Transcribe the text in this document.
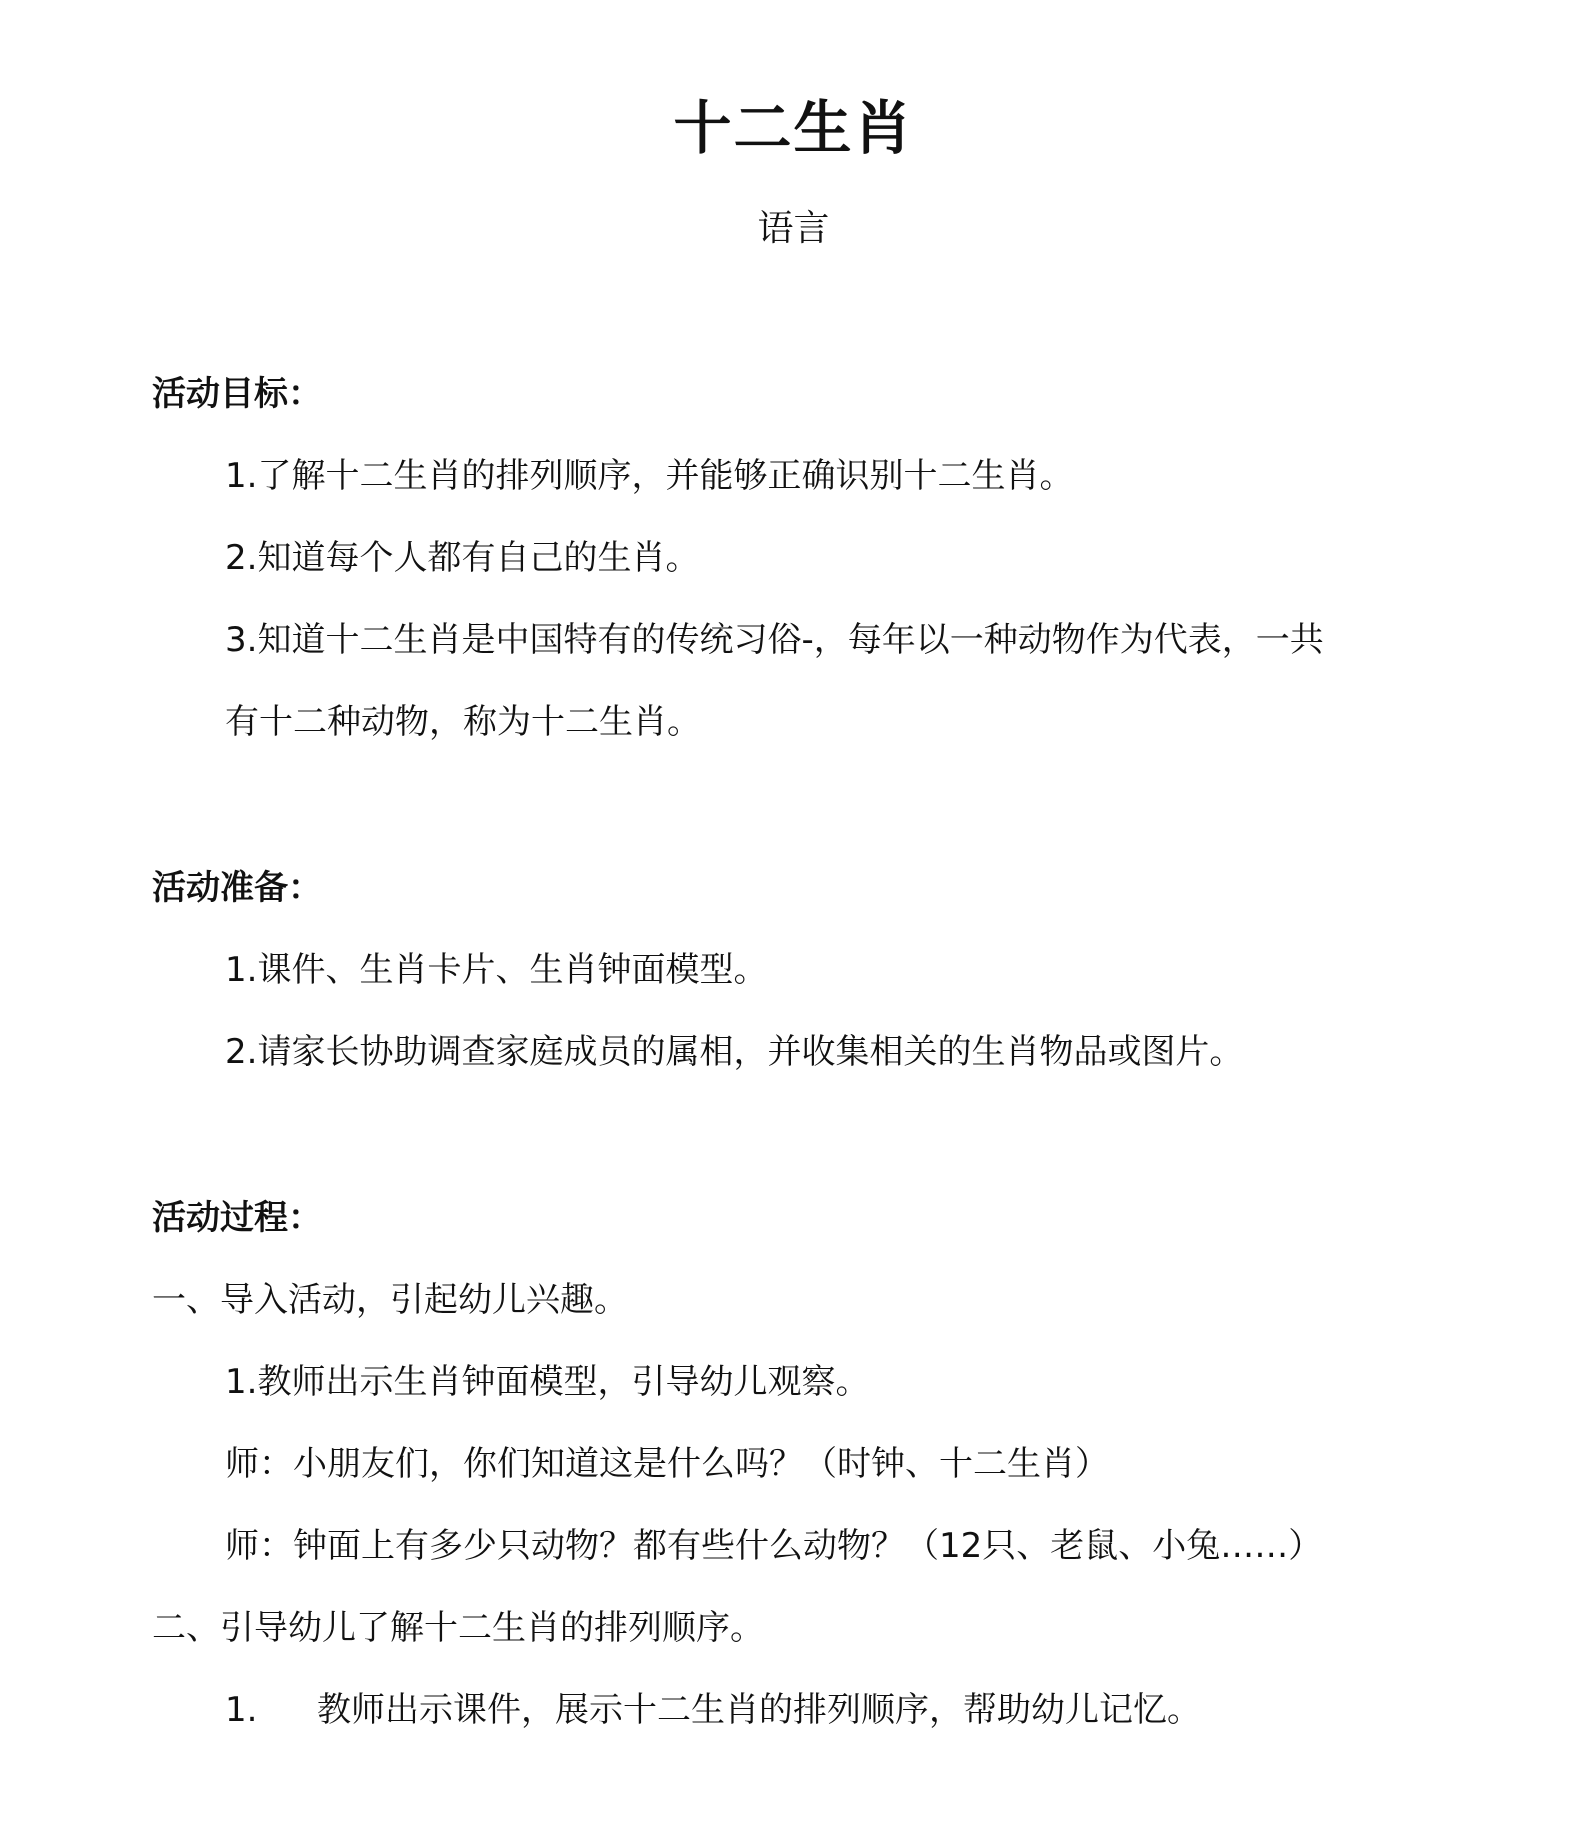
十二生肖
语言
活动目标：
1.了解十二生肖的排列顺序，并能够正确识别十二生肖。
2.知道每个人都有自己的生肖。
3.知道十二生肖是中国特有的传统习俗-，每年以一种动物作为代表，一共
有十二种动物，称为十二生肖。
活动准备：
1.课件、生肖卡片、生肖钟面模型。
2.请家长协助调查家庭成员的属相，并收集相关的生肖物品或图片。
活动过程：
一、导入活动，引起幼儿兴趣。
1.教师出示生肖钟面模型，引导幼儿观察。
师：小朋友们，你们知道这是什么吗？（时钟、十二生肖）
师：钟面上有多少只动物？都有些什么动物？（12只、老鼠、小兔……）
二、引导幼儿了解十二生肖的排列顺序。
1. 教师出示课件，展示十二生肖的排列顺序，帮助幼儿记忆。
